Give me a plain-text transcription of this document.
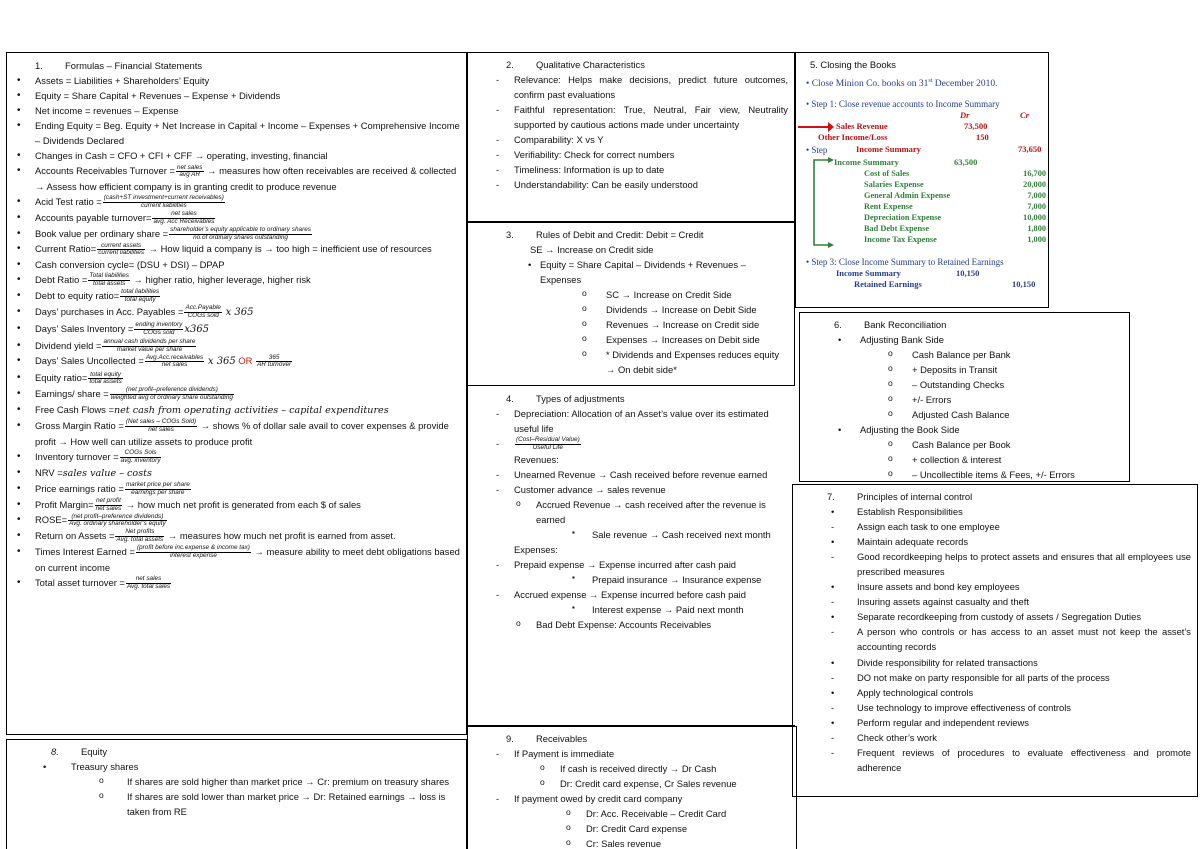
1.	Formulas – Financial Statements
• Assets = Liabilities + Shareholders’ Equity
• Equity = Share Capital + Revenues – Expense + Dividends
• Net income = revenues – Expense
• Ending Equity = Beg. Equity + Net Increase in Capital + Income – Expenses + Comprehensive Income – Dividends Declared
• Changes in Cash = CFO + CFI + CFF → operating, investing, financial
• Accounts Receivables Turnover = $\frac{\text{net sales}}{\text{avg AR}}$ → measures how often receivables are received & collected → Assess how efficient company is in granting credit to produce revenue
• Acid Test ratio = $\frac{\text{(cash+ST investment+current receivables)}}{\text{current liabilities}}$
• Accounts payable turnover= $\frac{\text{net sales}}{\text{avg. Acc Receivables}}$
• Book value per ordinary share = $\frac{\text{shareholder’s equity applicable to ordinary shares}}{\text{no.of ordinary shares outstanding}}$
• Current Ratio= $\frac{\text{current assets}}{\text{current liabilities}}$ → How liquid a company is → too high = inefficient use of resources
• Cash conversion cycle= (DSU + DSI) – DPAP
• Debt Ratio = $\frac{\text{Total liabilities}}{\text{total assets}}$ → higher ratio, higher leverage, higher risk
• Debt to equity ratio= $\frac{\text{total liabilities}}{\text{total equity}}$
• Days’ purchases in Acc. Payables = $\frac{\text{Acc.Payable}}{\text{COGs sold}}$ x 365
• Days’ Sales Inventory = $\frac{\text{ending inventory}}{\text{COGs sold}} x365$
• Dividend yield = $\frac{\text{annual cash dividends per share}}{\text{market value per share}}$
• Days’ Sales Uncollected = $\frac{\text{Avg.Acc.receivables}}{\text{net sales}}$ x 365 OR $\frac{365}{\text{AR turnover}}$
• Equity ratio= $\frac{\text{total equity}}{\text{total assets}}$
• Earnings/ share = $\frac{\text{(net profit–preference dividends)}}{\text{weighted avg of ordinary share outstanding}}$
• Free Cash Flows =net cash from operating activities – capital expenditures
• Gross Margin Ratio = $\frac{\text{(Net sales – COGs Sold)}}{\text{net sales}}$ → shows % of dollar sale avail to cover expenses & provide profit → How well can utilize assets to produce profit
• Inventory turnover = $\frac{\text{COGs Sols}}{\text{avg. inventory}}$
• NRV =sales value – costs
• Price earnings ratio = $\frac{\text{market price per share}}{\text{earnings per share}}$
• Profit Margin= $\frac{\text{net profit}}{\text{net sales}}$ → how much net profit is generated from each $ of sales
• ROSE= $\frac{\text{(net profit–preference dividends)}}{\text{Avg. ordinary shareholder’s equity}}$
• Return on Assets = $\frac{\text{Net profits}}{\text{Avg. total assets}}$ → measures how much net profit is earned from asset.
• Times Interest Earned = $\frac{\text{(profit before inc.expense \& income tax)}}{\text{interest expense}}$ → measure ability to meet debt obligations based on current income
• Total asset turnover = $\frac{\text{net sales}}{\text{Avg. total sales}}$
8.	Equity
•	Treasury shares
o If shares are sold higher than market price → Cr: premium on treasury shares
o If shares are sold lower than market price → Dr: Retained earnings → loss is taken from RE
2.	Qualitative Characteristics
- Relevance: Helps make decisions, predict future outcomes, confirm past evaluations
- Faithful representation: True, Neutral, Fair view, Neutrality supported by cautious actions made under uncertainty
- Comparability: X vs Y
- Verifiability: Check for correct numbers
- Timeliness: Information is up to date
- Understandability: Can be easily understood
3.	Rules of Debit and Credit: Debit = Credit
SE → Increase on Credit side
• Equity = Share Capital – Dividends + Revenues – Expenses
o SC → Increase on Credit Side
o Dividends → Increase on Debit Side
o Revenues → Increase on Credit side
o Expenses → Increases on Debit side
o * Dividends and Expenses reduces equity → On debit side*
4.	Types of adjustments
- Depreciation: Allocation of an Asset’s value over its estimated useful life
- $\frac{\text{(Cost–Residual Value)}}{\text{Useful Life}}$
Revenues:
- Unearned Revenue → Cash received before revenue earned
- Customer advance → sales revenue
o Accrued Revenue → cash received after the revenue is earned
▪ Sale revenue → Cash received next month
Expenses:
- Prepaid expense → Expense incurred after cash paid
▪ Prepaid insurance → Insurance expense
- Accrued expense → Expense incurred before cash paid
▪ Interest expense → Paid next month
o Bad Debt Expense: Accounts Receivables
9.	Receivables
- If Payment is immediate
o If cash is received directly → Dr Cash
o Dr: Credit card expense, Cr Sales revenue
- If payment owed by credit card company
o Dr: Acc. Receivable – Credit Card
o Dr: Credit Card expense
o Cr: Sales revenue
5. Closing the Books
• Close Minion Co. books on 31st December 2010.
• Step 1: Close revenue accounts to Income Summary
Dr	Cr
Sales Revenue	73,500
Other Income/Loss	150
• Step	Income Summary	73,650
Income Summary	63,500
Cost of Sales	16,700
Salaries Expense	20,000
General Admin Expense	7,000
Rent Expense	7,000
Depreciation Expense	10,000
Bad Debt Expense	1,800
Income Tax Expense	1,000
• Step 3: Close Income Summary to Retained Earnings
Income Summary	10,150
Retained Earnings	10,150
6.	Bank Reconciliation
• Adjusting Bank Side
o Cash Balance per Bank
o + Deposits in Transit
o – Outstanding Checks
o +/- Errors
o Adjusted Cash Balance
• Adjusting the Book Side
o Cash Balance per Book
o + collection & interest
o – Uncollectible items & Fees, +/- Errors
7.	Principles of internal control
• Establish Responsibilities
- Assign each task to one employee
• Maintain adequate records
- Good recordkeeping helps to protect assets and ensures that all employees use prescribed measures
• Insure assets and bond key employees
- Insuring assets against casualty and theft
• Separate recordkeeping from custody of assets / Segregation Duties
- A person who controls or has access to an asset must not keep the asset’s accounting records
• Divide responsibility for related transactions
- DO not make on party responsible for all parts of the process
• Apply technological controls
- Use technology to improve effectiveness of controls
• Perform regular and independent reviews
- Check other’s work
- Frequent reviews of procedures to evaluate effectiveness and promote adherence
